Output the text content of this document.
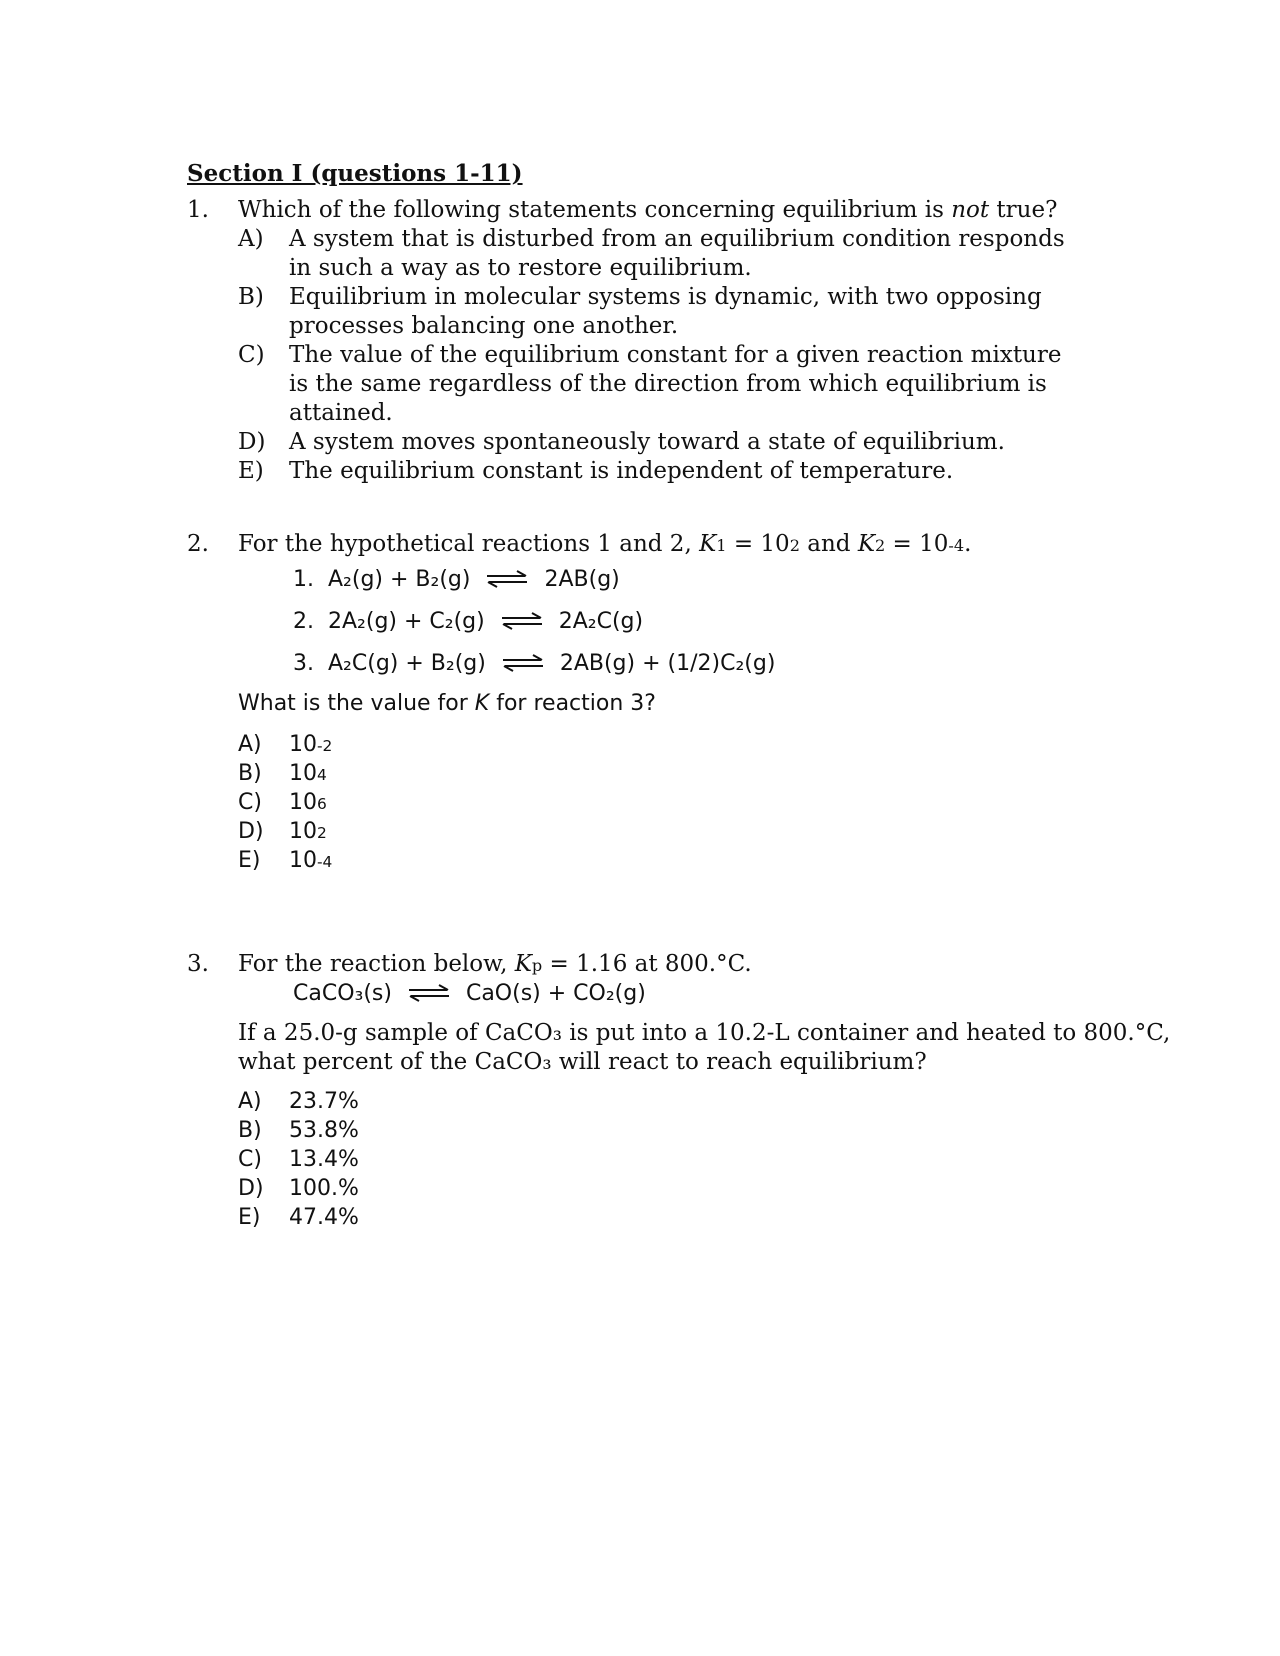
Section I (questions 1-11)
1. Which of the following statements concerning equilibrium is not true?
A)	A system that is disturbed from an equilibrium condition responds in such a way as to restore equilibrium.
B)	Equilibrium in molecular systems is dynamic, with two opposing processes balancing one another.
C)	The value of the equilibrium constant for a given reaction mixture is the same regardless of the direction from which equilibrium is attained.
D)	A system moves spontaneously toward a state of equilibrium.
E)	The equilibrium constant is independent of temperature.
2. For the hypothetical reactions 1 and 2, $K_1 = 10^2$ and $K_2 = 10^{-4}$.
1. A₂(g) + B₂(g) ⇌ 2AB(g)
2. 2A₂(g) + C₂(g) ⇌ 2A₂C(g)
3. A₂C(g) + B₂(g) ⇌ 2AB(g) + (1/2)C₂(g)
What is the value for K for reaction 3?
A)	$10^{-2}$
B)	$10^4$
C)	$10^6$
D)	$10^2$
E)	$10^{-4}$
3. For the reaction below, $K_p = 1.16$ at 800.°C.
CaCO₃(s) ⇌ CaO(s) + CO₂(g)
If a 25.0-g sample of CaCO₃ is put into a 10.2-L container and heated to 800.°C,
what percent of the CaCO₃ will react to reach equilibrium?
A)	23.7%
B)	53.8%
C)	13.4%
D)	100.%
E)	47.4%
